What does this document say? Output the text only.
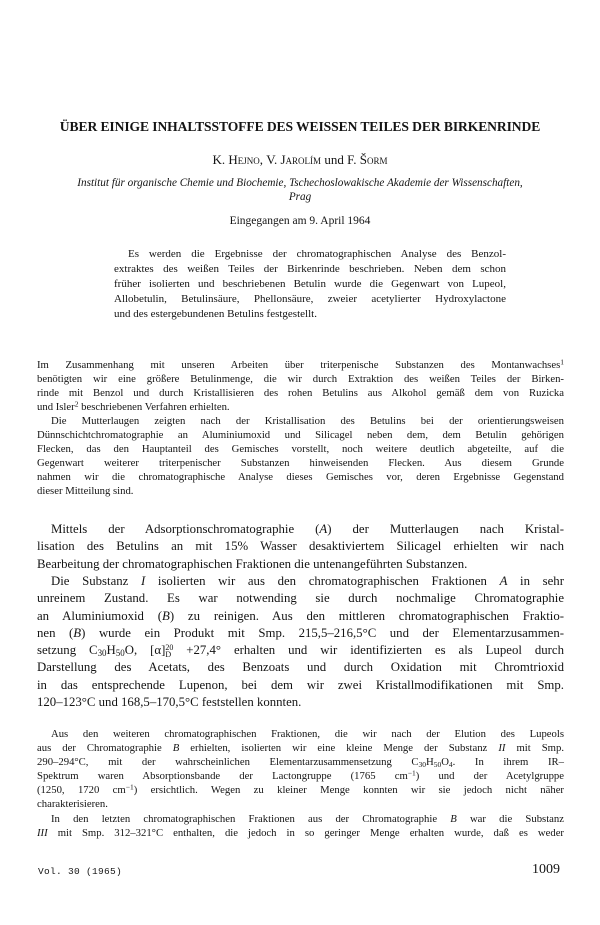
ÜBER EINIGE INHALTSSTOFFE DES WEISSEN TEILES DER BIRKENRINDE
K. Hejno, V. Jarolím und F. Šorm
Institut für organische Chemie und Biochemie, Tschechoslowakische Akademie der Wissenschaften,
Prag
Eingegangen am 9. April 1964
Es werden die Ergebnisse der chromatographischen Analyse des Benzol-
extraktes des weißen Teiles der Birkenrinde beschrieben. Neben dem schon
früher isolierten und beschriebenen Betulin wurde die Gegenwart von Lupeol,
Allobetulin, Betulinsäure, Phellonsäure, zweier acetylierter Hydroxylactone
und des estergebundenen Betulins festgestellt.
Im Zusammenhang mit unseren Arbeiten über triterpenische Substanzen des Montanwachses$^1$
benötigten wir eine größere Betulinmenge, die wir durch Extraktion des weißen Teiles der Birken-
rinde mit Benzol und durch Kristallisieren des rohen Betulins aus Alkohol gemäß dem von Ruzicka
und Isler$^2$ beschriebenen Verfahren erhielten.
Die Mutterlaugen zeigten nach der Kristallisation des Betulins bei der orientierungsweisen
Dünnschichtchromatographie an Aluminiumoxid und Silicagel neben dem, dem Betulin gehörigen
Flecken, das den Hauptanteil des Gemisches vorstellt, noch weitere deutlich abgeteilte, auf die
Gegenwart weiterer triterpenischer Substanzen hinweisenden Flecken. Aus diesem Grunde
nahmen wir die chromatographische Analyse dieses Gemisches vor, deren Ergebnisse Gegenstand
dieser Mitteilung sind.
Mittels der Adsorptionschromatographie (A) der Mutterlaugen nach Kristal-
lisation des Betulins an mit 15% Wasser desaktiviertem Silicagel erhielten wir nach
Bearbeitung der chromatographischen Fraktionen die untenangeführten Substanzen.
Die Substanz I isolierten wir aus den chromatographischen Fraktionen A in sehr
unreinem Zustand. Es war notwending sie durch nochmalige Chromatographie
an Aluminiumoxid (B) zu reinigen. Aus den mittleren chromatographischen Fraktio-
nen (B) wurde ein Produkt mit Smp. 215,5–216,5°C und der Elementarzusammen-
setzung $C_{30}H_{50}O$, [α] 20
D +27,4° erhalten und wir identifizierten es als Lupeol durch
Darstellung des Acetats, des Benzoats und durch Oxidation mit Chromtrioxid
in das entsprechende Lupenon, bei dem wir zwei Kristallmodifikationen mit Smp.
120–123°C und 168,5–170,5°C feststellen konnten.
Aus den weiteren chromatographischen Fraktionen, die wir nach der Elution des Lupeols
aus der Chromatographie B erhielten, isolierten wir eine kleine Menge der Substanz II mit Smp.
290–294°C, mit der wahrscheinlichen Elementarzusammensetzung $C_{30}H_{50}O_4$. In ihrem IR–
Spektrum waren Absorptionsbande der Lactongruppe (1765 $cm^{-1}$) und der Acetylgruppe
(1250, 1720 $cm^{-1}$) ersichtlich. Wegen zu kleiner Menge konnten wir sie jedoch nicht näher
charakterisieren.
In den letzten chromatographischen Fraktionen aus der Chromatographie B war die Substanz
III mit Smp. 312–321°C enthalten, die jedoch in so geringer Menge erhalten wurde, daß es weder
Vol. 30 (1965)	1009
